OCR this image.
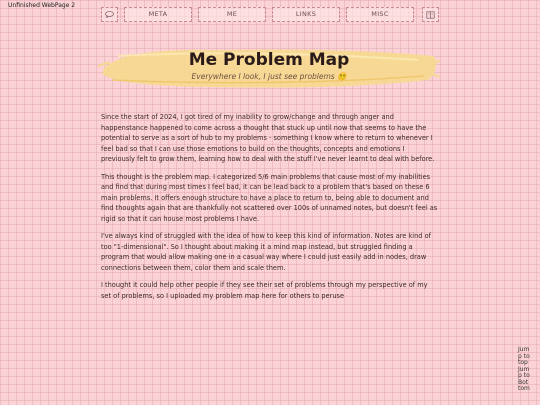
Unfinished WebPage 2
META	ME	LINKS	MISC
Me Problem Map
Everywhere I look, I just see problems 😵‍💫

Since the start of 2024, I got tired of my inability to grow/change and through anger and happenstance happened to come across a thought that stuck up until now that seems to have the potential to serve as a sort of hub to my problems - something I know where to return to whenever I feel bad so that I can use those emotions to build on the thoughts, concepts and emotions I previously felt to grow them, learning how to deal with the stuff I've never learnt to deal with before.

This thought is the problem map. I categorized 5/6 main problems that cause most of my inabilities and find that during most times I feel bad, it can be lead back to a problem that's based on these 6 main problems. It offers enough structure to have a place to return to, being able to document and find thoughts again that are thankfully not scattered over 100s of unnamed notes, but doesn't feel as rigid so that it can house most problems I have.

I've always kind of struggled with the idea of how to keep this kind of information. Notes are kind of too "1-dimensional". So I thought about making it a mind map instead, but struggled finding a program that would allow making one in a casual way where I could just easily add in nodes, draw connections between them, color them and scale them.

I thought it could help other people if they see their set of problems through my perspective of my set of problems, so I uploaded my problem map here for others to peruse

Jump to top
Jump to Bottom
